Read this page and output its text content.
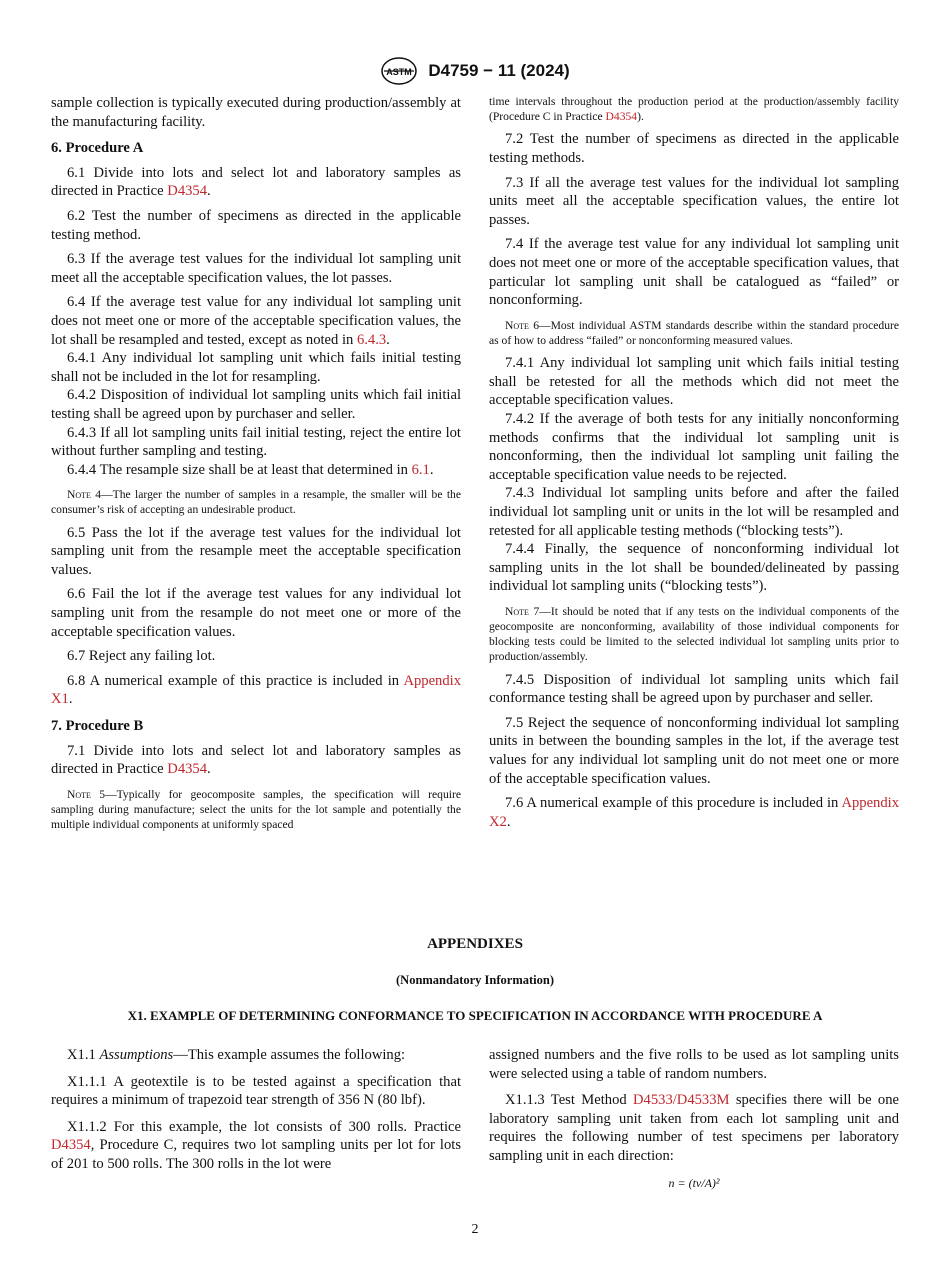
ASTM D4759 − 11 (2024)

sample collection is typically executed during production/assembly at the manufacturing facility.

6. Procedure A

6.1 Divide into lots and select lot and laboratory samples as directed in Practice D4354.

6.2 Test the number of specimens as directed in the applicable testing method.

6.3 If the average test values for the individual lot sampling unit meet all the acceptable specification values, the lot passes.

6.4 If the average test value for any individual lot sampling unit does not meet one or more of the acceptable specification values, the lot shall be resampled and tested, except as noted in 6.4.3.

6.4.1 Any individual lot sampling unit which fails initial testing shall not be included in the lot for resampling.

6.4.2 Disposition of individual lot sampling units which fail initial testing shall be agreed upon by purchaser and seller.

6.4.3 If all lot sampling units fail initial testing, reject the entire lot without further sampling and testing.

6.4.4 The resample size shall be at least that determined in 6.1.

Note 4—The larger the number of samples in a resample, the smaller will be the consumer’s risk of accepting an undesirable product.

6.5 Pass the lot if the average test values for the individual lot sampling unit from the resample meet the acceptable specification values.

6.6 Fail the lot if the average test values for any individual lot sampling unit from the resample do not meet one or more of the acceptable specification values.

6.7 Reject any failing lot.

6.8 A numerical example of this practice is included in Appendix X1.

7. Procedure B

7.1 Divide into lots and select lot and laboratory samples as directed in Practice D4354.

Note 5—Typically for geocomposite samples, the specification will require sampling during manufacture; select the units for the lot sample and potentially the multiple individual components at uniformly spaced

time intervals throughout the production period at the production/assembly facility (Procedure C in Practice D4354).

7.2 Test the number of specimens as directed in the applicable testing methods.

7.3 If all the average test values for the individual lot sampling units meet all the acceptable specification values, the entire lot passes.

7.4 If the average test value for any individual lot sampling unit does not meet one or more of the acceptable specification values, that particular lot sampling unit shall be catalogued as “failed” or nonconforming.

Note 6—Most individual ASTM standards describe within the standard procedure as of how to address “failed” or nonconforming measured values.

7.4.1 Any individual lot sampling unit which fails initial testing shall be retested for all the methods which did not meet the acceptable specification values.

7.4.2 If the average of both tests for any initially nonconforming methods confirms that the individual lot sampling unit is nonconforming, then the individual lot sampling unit failing the acceptable specification value needs to be rejected.

7.4.3 Individual lot sampling units before and after the failed individual lot sampling unit or units in the lot will be resampled and retested for all applicable testing methods (“blocking tests”).

7.4.4 Finally, the sequence of nonconforming individual lot sampling units in the lot shall be bounded/delineated by passing individual lot sampling units (“blocking tests”).

Note 7—It should be noted that if any tests on the individual components of the geocomposite are nonconforming, availability of those individual components for blocking tests could be limited to the selected individual lot sampling units prior to production/assembly.

7.4.5 Disposition of individual lot sampling units which fail conformance testing shall be agreed upon by purchaser and seller.

7.5 Reject the sequence of nonconforming individual lot sampling units in between the bounding samples in the lot, if the average test values for any individual lot sampling unit do not meet one or more of the acceptable specification values.

7.6 A numerical example of this procedure is included in Appendix X2.

APPENDIXES
(Nonmandatory Information)
X1. EXAMPLE OF DETERMINING CONFORMANCE TO SPECIFICATION IN ACCORDANCE WITH PROCEDURE A

X1.1 Assumptions—This example assumes the following:

X1.1.1 A geotextile is to be tested against a specification that requires a minimum of trapezoid tear strength of 356 N (80 lbf).

X1.1.2 For this example, the lot consists of 300 rolls. Practice D4354, Procedure C, requires two lot sampling units per lot for lots of 201 to 500 rolls. The 300 rolls in the lot were

assigned numbers and the five rolls to be used as lot sampling units were selected using a table of random numbers.

X1.1.3 Test Method D4533/D4533M specifies there will be one laboratory sampling unit taken from each lot sampling unit and requires the following number of test specimens per laboratory sampling unit in each direction:

n = (tν/A)²
2
